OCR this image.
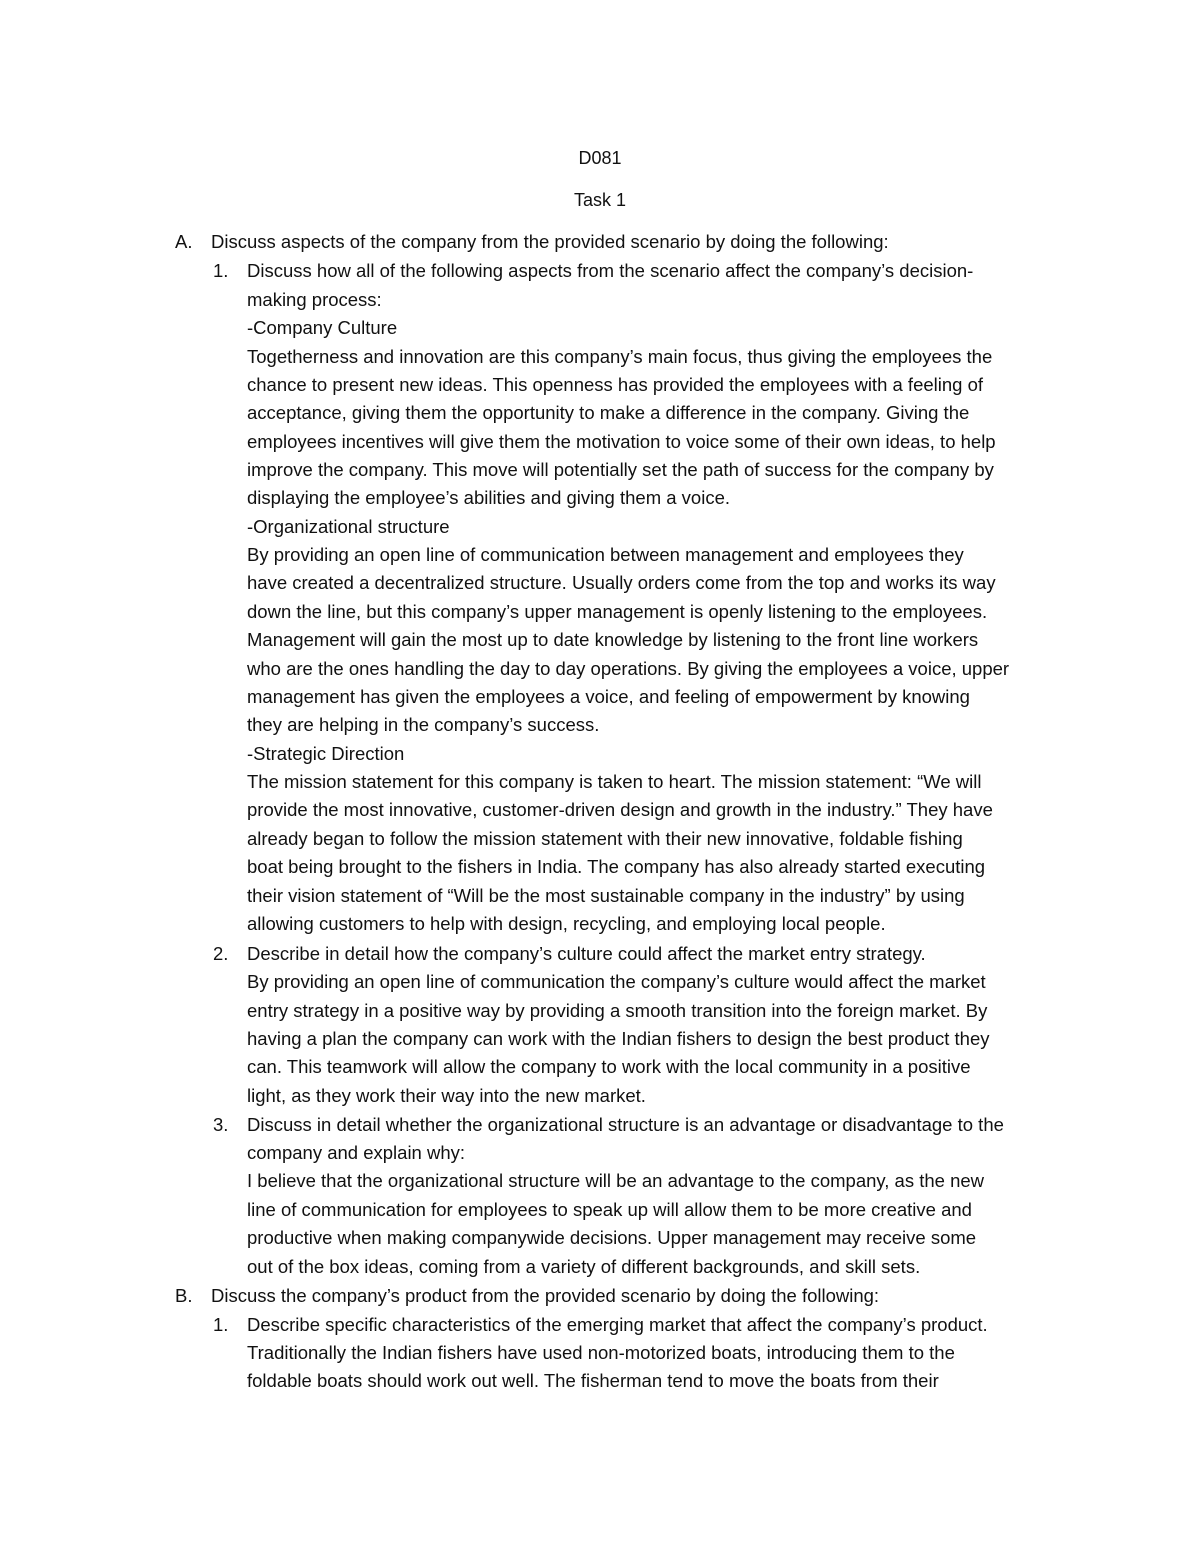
D081
Task 1
A. Discuss aspects of the company from the provided scenario by doing the following:
1. Discuss how all of the following aspects from the scenario affect the company’s decision-
making process:
-Company Culture
Togetherness and innovation are this company’s main focus, thus giving the employees the
chance to present new ideas. This openness has provided the employees with a feeling of
acceptance, giving them the opportunity to make a difference in the company. Giving the
employees incentives will give them the motivation to voice some of their own ideas, to help
improve the company. This move will potentially set the path of success for the company by
displaying the employee’s abilities and giving them a voice.
-Organizational structure
By providing an open line of communication between management and employees they
have created a decentralized structure. Usually orders come from the top and works its way
down the line, but this company’s upper management is openly listening to the employees.
Management will gain the most up to date knowledge by listening to the front line workers
who are the ones handling the day to day operations. By giving the employees a voice, upper
management has given the employees a voice, and feeling of empowerment by knowing
they are helping in the company’s success.
-Strategic Direction
The mission statement for this company is taken to heart. The mission statement: “We will
provide the most innovative, customer-driven design and growth in the industry.” They have
already began to follow the mission statement with their new innovative, foldable fishing
boat being brought to the fishers in India. The company has also already started executing
their vision statement of “Will be the most sustainable company in the industry” by using
allowing customers to help with design, recycling, and employing local people.
2. Describe in detail how the company’s culture could affect the market entry strategy.
By providing an open line of communication the company’s culture would affect the market
entry strategy in a positive way by providing a smooth transition into the foreign market. By
having a plan the company can work with the Indian fishers to design the best product they
can. This teamwork will allow the company to work with the local community in a positive
light, as they work their way into the new market.
3. Discuss in detail whether the organizational structure is an advantage or disadvantage to the
company and explain why:
I believe that the organizational structure will be an advantage to the company, as the new
line of communication for employees to speak up will allow them to be more creative and
productive when making companywide decisions. Upper management may receive some
out of the box ideas, coming from a variety of different backgrounds, and skill sets.
B. Discuss the company’s product from the provided scenario by doing the following:
1. Describe specific characteristics of the emerging market that affect the company’s product.
Traditionally the Indian fishers have used non-motorized boats, introducing them to the
foldable boats should work out well. The fisherman tend to move the boats from their
